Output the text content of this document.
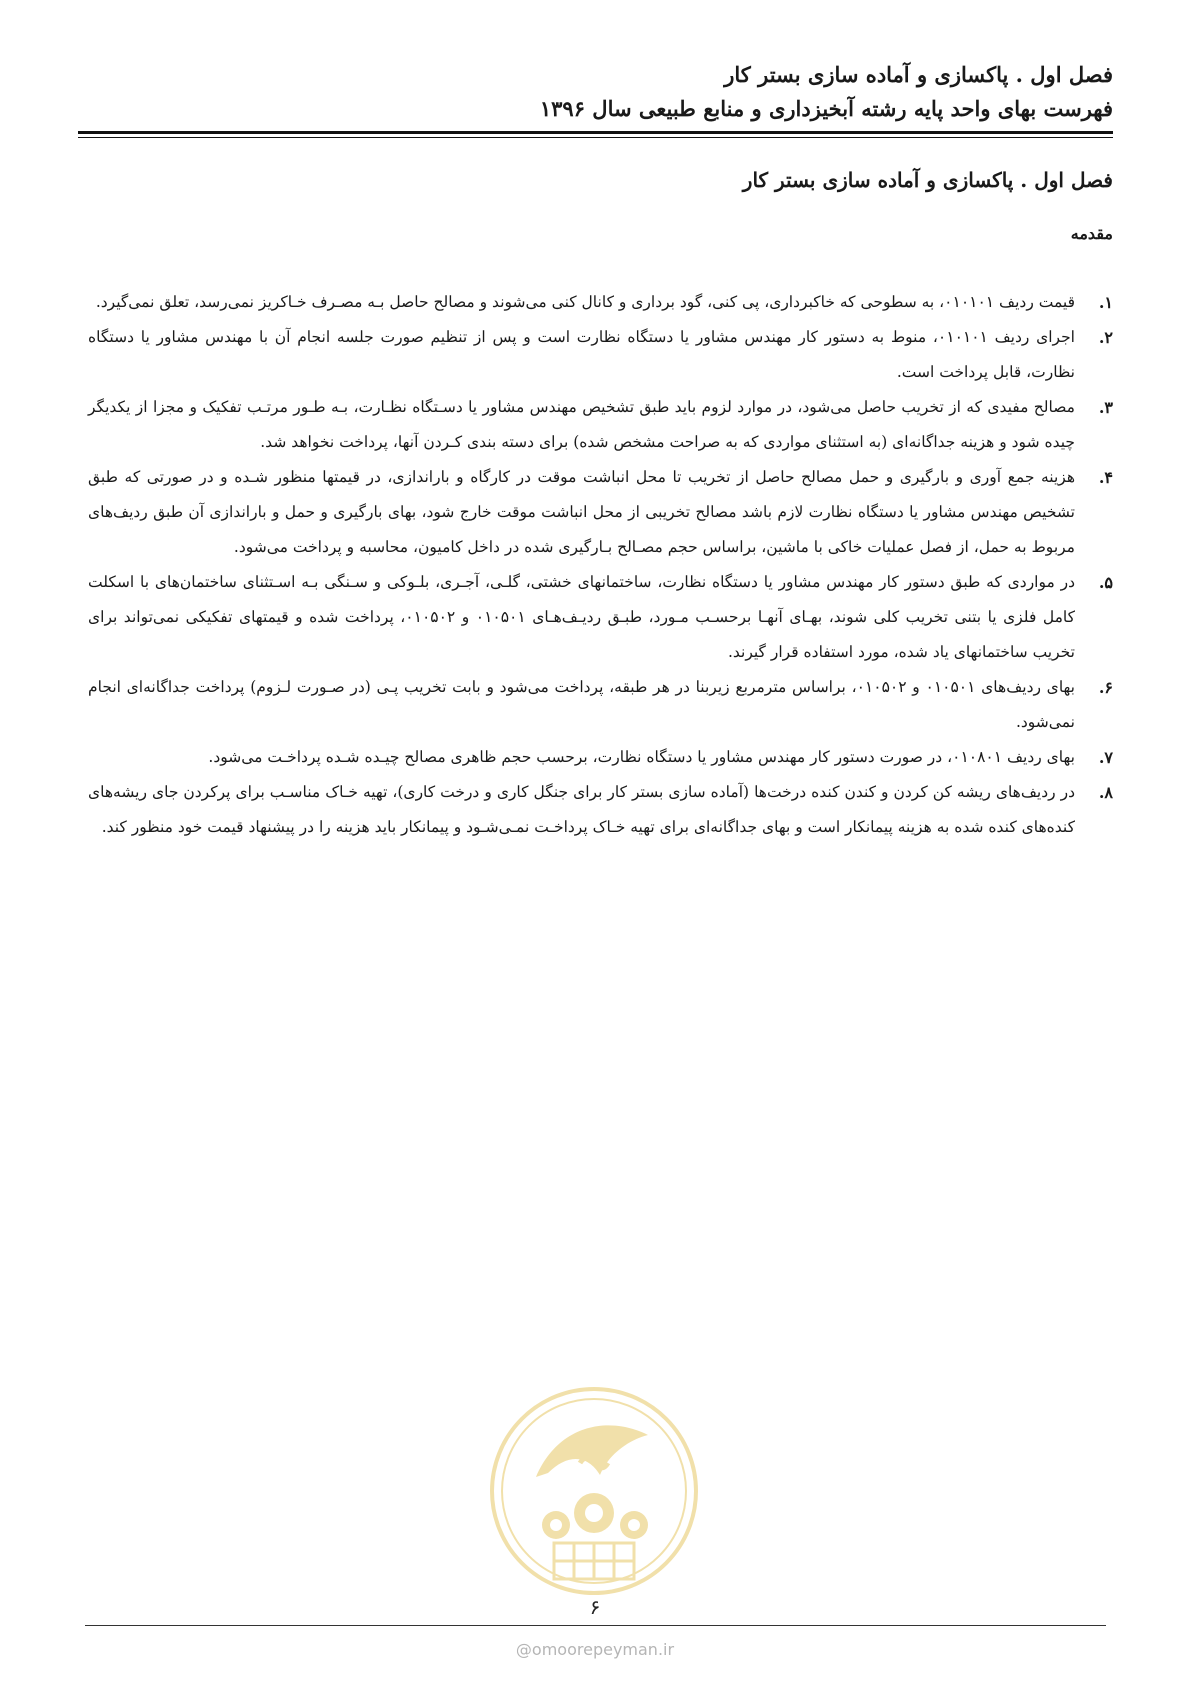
فصل اول . پاکسازی و آماده سازی بستر کار
فهرست بهای واحد پایه رشته آبخیزداری و منابع طبیعی سال ۱۳۹۶
فصل اول . پاکسازی و آماده سازی بستر کار
مقدمه
۱.
قیمت ردیف ۰۱۰۱۰۱، به سطوحی که خاکبرداری، پی کنی، گود برداری و کانال کنی می‌شوند و مصالح حاصل بـه مصـرف خـاکریز نمی‌رسد، تعلق نمی‌گیرد.
۲.
اجرای ردیف ۰۱۰۱۰۱، منوط به دستور کار مهندس مشاور یا دستگاه نظارت است و پس از تنظیم صورت جلسه انجام آن با مهندس مشاور یا دستگاه نظارت، قابل پرداخت است.
۳.
مصالح مفیدی که از تخریب حاصل می‌شود، در موارد لزوم باید طبق تشخیص مهندس مشاور یا دسـتگاه نظـارت، بـه طـور مرتـب تفکیک و مجزا از یکدیگر چیده شود و هزینه جداگانه‌ای (به استثنای مواردی که به صراحت مشخص شده) برای دسته بندی کـردن آنها، پرداخت نخواهد شد.
۴.
هزینه جمع آوری و بارگیری و حمل مصالح حاصل از تخریب تا محل انباشت موقت در کارگاه و باراندازی، در قیمتها منظور شـده و در صورتی که طبق تشخیص مهندس مشاور یا دستگاه نظارت لازم باشد مصالح تخریبی از محل انباشت موقت خارج شود، بهای بارگیری و حمل و باراندازی آن طبق ردیف‌های مربوط به حمل، از فصل عملیات خاکی با ماشین، براساس حجم مصـالح بـارگیری شده در داخل کامیون، محاسبه و پرداخت می‌شود.
۵.
در مواردی که طبق دستور کار مهندس مشاور یا دستگاه نظارت، ساختمانهای خشتی، گلـی، آجـری، بلـوکی و سـنگی بـه اسـتثنای ساختمان‌های با اسکلت کامل فلزی یا بتنی تخریب کلی شوند، بهـای آنهـا برحسـب مـورد، طبـق ردیـف‌هـای ۰۱۰۵۰۱ و ۰۱۰۵۰۲، پرداخت شده و قیمتهای تفکیکی نمی‌تواند برای تخریب ساختمانهای یاد شده، مورد استفاده قرار گیرند.
۶.
بهای ردیف‌های ۰۱۰۵۰۱ و ۰۱۰۵۰۲، براساس مترمربع زیربنا در هر طبقه، پرداخت می‌شود و بابت تخریب پـی (در صـورت لـزوم) پرداخت جداگانه‌ای انجام نمی‌شود.
۷.
بهای ردیف ۰۱۰۸۰۱، در صورت دستور کار مهندس مشاور یا دستگاه نظارت، برحسب حجم ظاهری مصالح چیـده شـده پرداخـت می‌شود.
۸.
در ردیف‌های ریشه کن کردن و کندن کنده درخت‌ها (آماده سازی بستر کار برای جنگل کاری و درخت کاری)، تهیه خـاک مناسـب برای پرکردن جای ریشه‌های کنده‌های کنده شده به هزینه پیمانکار است و بهای جداگانه‌ای برای تهیه خـاک پرداخـت نمـی‌شـود و پیمانکار باید هزینه را در پیشنهاد قیمت خود منظور کند.
۶
@omoorepeyman.ir
